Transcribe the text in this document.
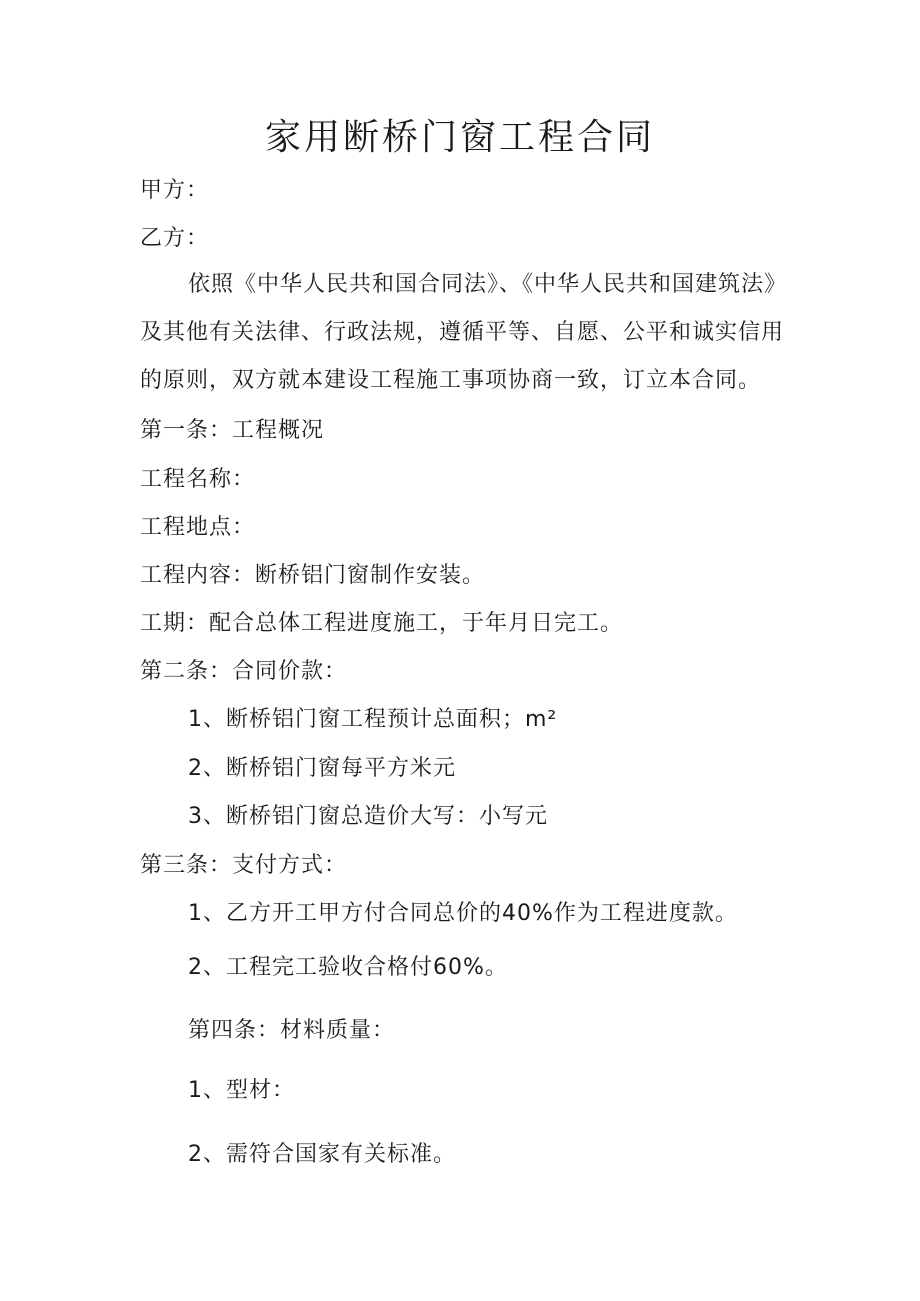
家用断桥门窗工程合同

甲方：

乙方：

依照《中华人民共和国合同法》、《中华人民共和国建筑法》

及其他有关法律、行政法规，遵循平等、自愿、公平和诚实信用

的原则，双方就本建设工程施工事项协商一致，订立本合同。

第一条：工程概况

工程名称：

工程地点：

工程内容：断桥铝门窗制作安装。

工期：配合总体工程进度施工，于年月日完工。

第二条：合同价款：

1、断桥铝门窗工程预计总面积；m²

2、断桥铝门窗每平方米元

3、断桥铝门窗总造价大写：小写元

第三条：支付方式：

1、乙方开工甲方付合同总价的40%作为工程进度款。

2、工程完工验收合格付60%。

第四条：材料质量：

1、型材：

2、需符合国家有关标准。
